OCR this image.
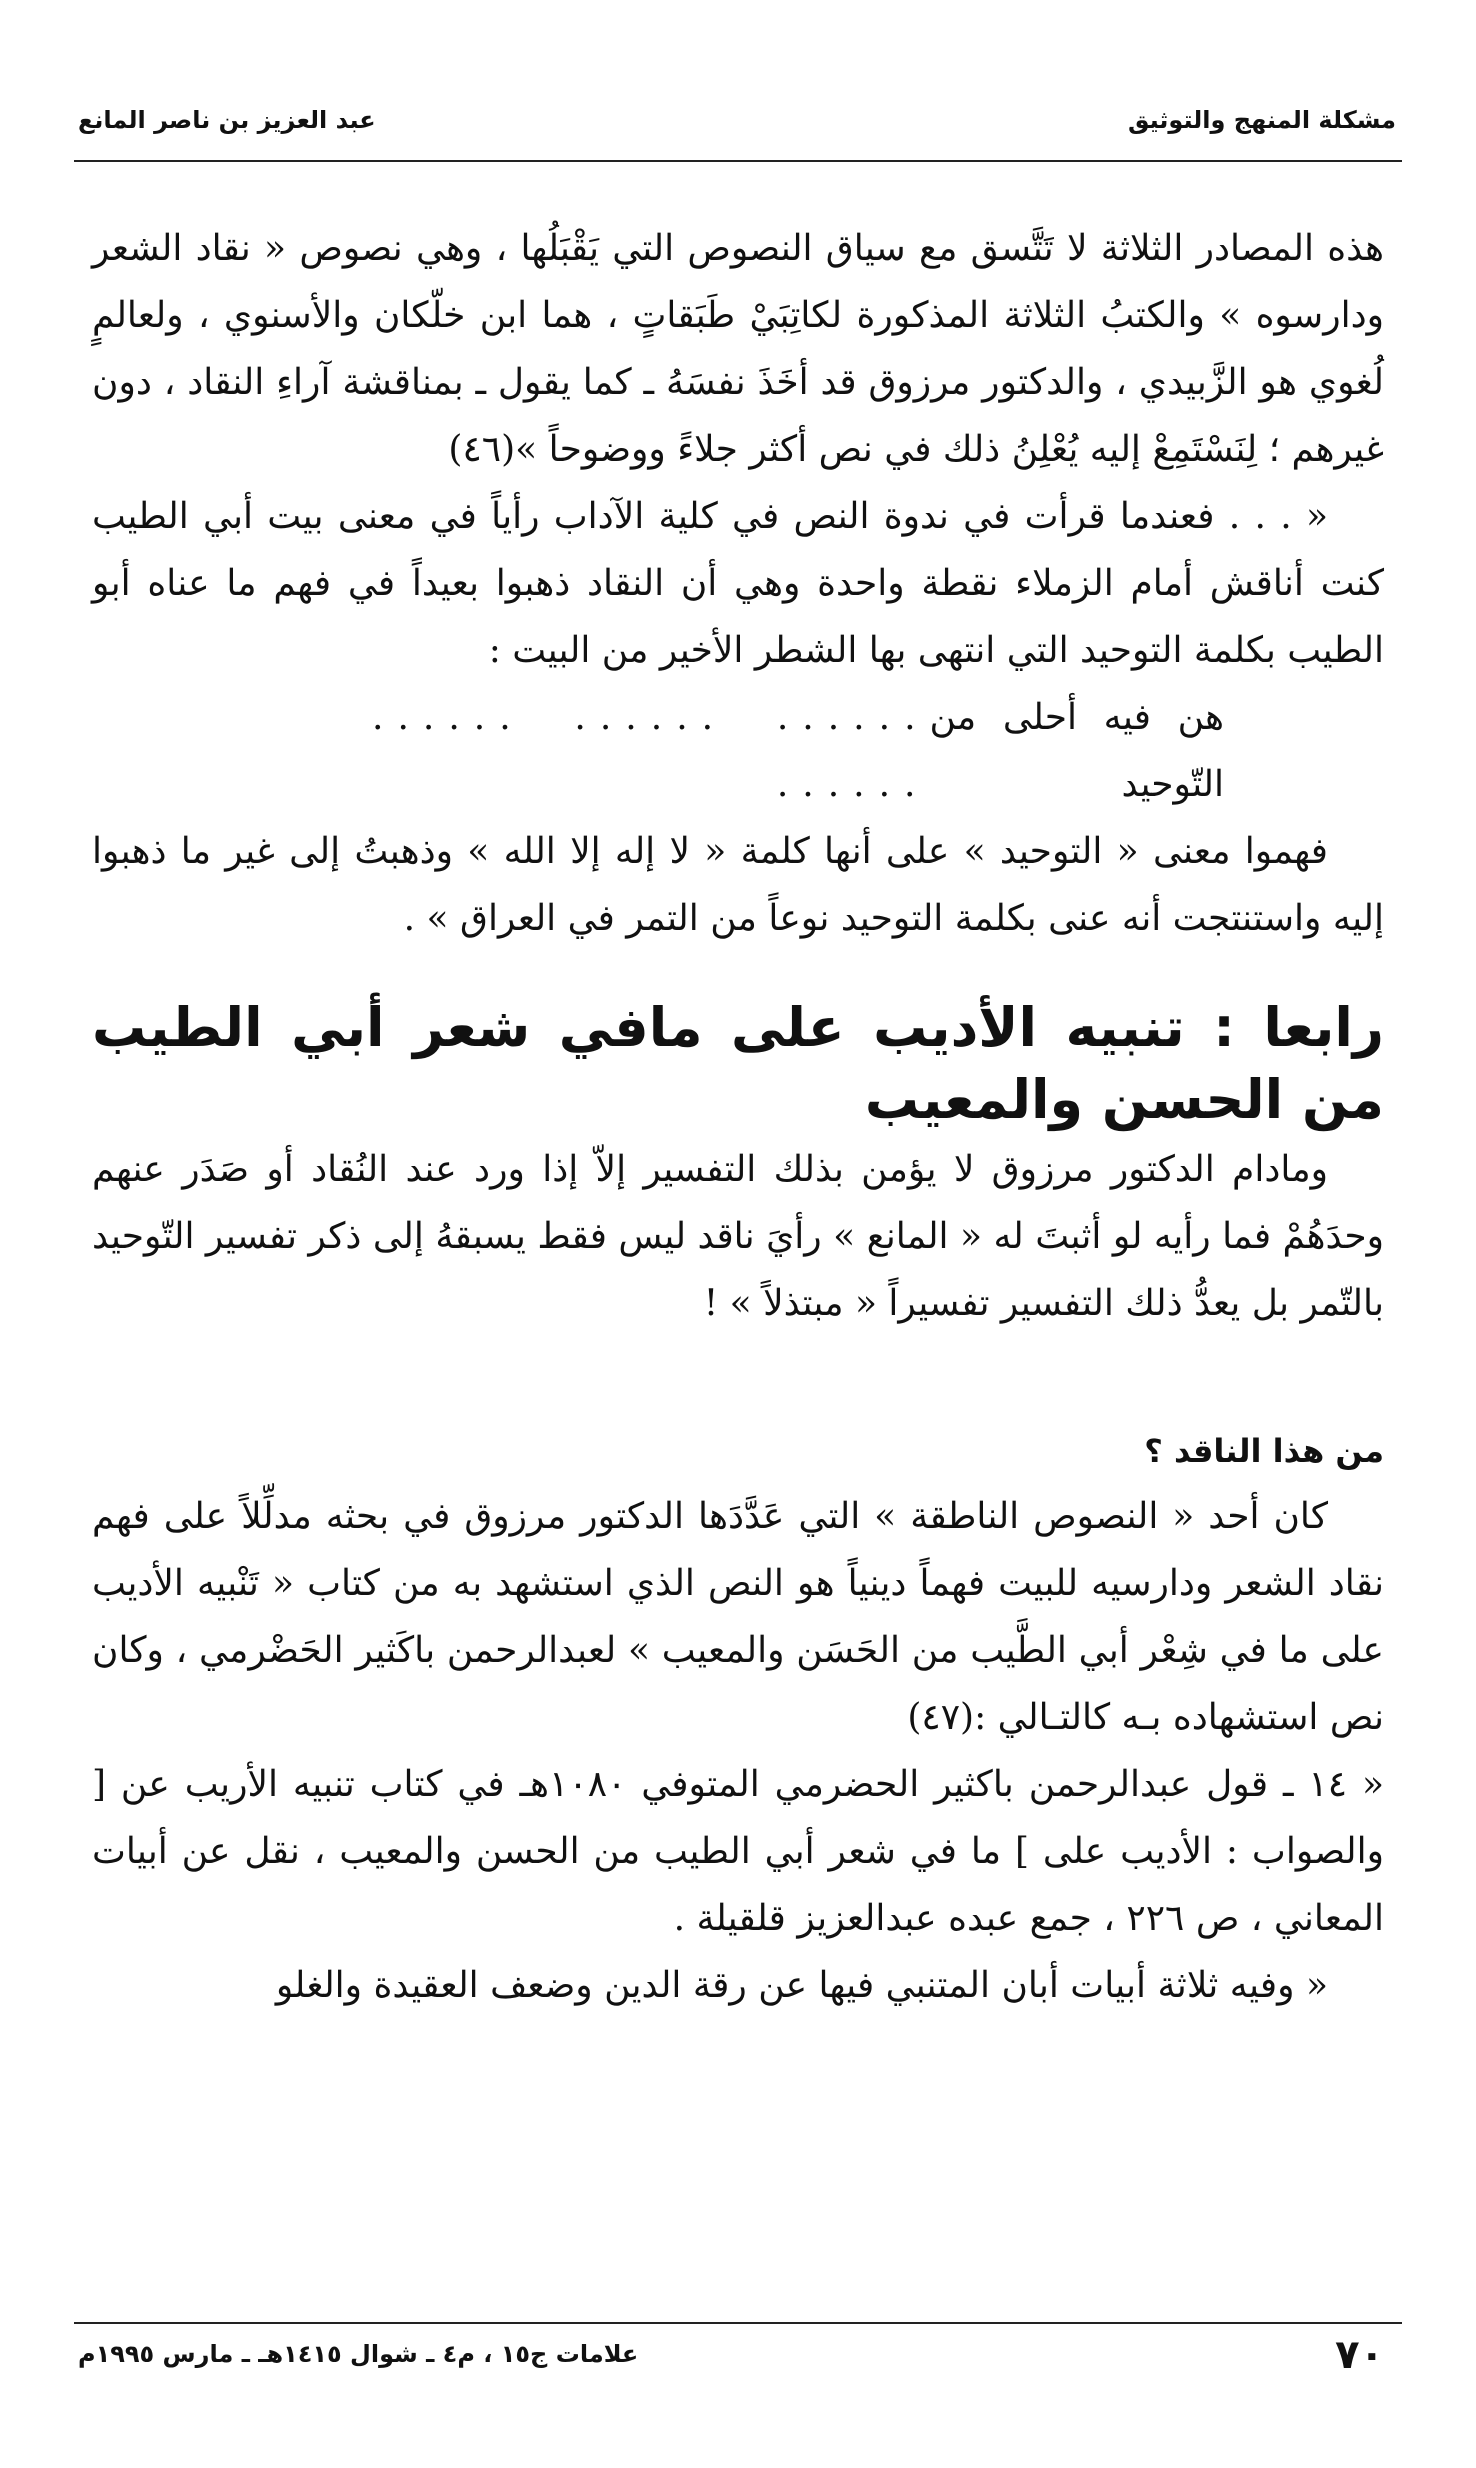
مشكلة المنهج والتوثيق
عبد العزيز بن ناصر المانع

هذه المصادر الثلاثة لا تَتَّسق مع سياق النصوص التي يَقْبَلُها ، وهي نصوص « نقاد الشعر ودارسوه » والكتبُ الثلاثة المذكورة لكاتِبَيْ طَبَقاتٍ ، هما ابن خلّكان والأسنوي ، ولعالمٍ لُغوي هو الزَّبيدي ، والدكتور مرزوق قد أخَذَ نفسَهُ ـ كما يقول ـ بمناقشة آراءِ النقاد ، دون غيرهم ؛ لِنَسْتَمِعْ إليه يُعْلِنُ ذلك في نص أكثر جلاءً ووضوحاً »(٤٦)

« . . . فعندما قرأت في ندوة النص في كلية الآداب رأياً في معنى بيت أبي الطيب كنت أناقش أمام الزملاء نقطة واحدة وهي أن النقاد ذهبوا بعيداً في فهم ما عناه أبو الطيب بكلمة التوحيد التي انتهى بها الشطر الأخير من البيت :

هن فيه أحلى من التّوحيد
...... ...... ...... ......

فهموا معنى « التوحيد » على أنها كلمة « لا إله إلا الله » وذهبتُ إلى غير ما ذهبوا إليه واستنتجت أنه عنى بكلمة التوحيد نوعاً من التمر في العراق » .

رابعا : تنبيه الأديب على مافي شعر أبي الطيب من الحسن والمعيب

ومادام الدكتور مرزوق لا يؤمن بذلك التفسير إلاّ إذا ورد عند النُقاد أو صَدَر عنهم وحدَهُمْ فما رأيه لو أثبتَ له « المانع » رأيَ ناقد ليس فقط يسبقهُ إلى ذكر تفسير التّوحيد بالتّمر بل يعدُّ ذلك التفسير تفسيراً « مبتذلاً » !

من هذا الناقد ؟

كان أحد « النصوص الناطقة » التي عَدَّدَها الدكتور مرزوق في بحثه مدلِّلاً على فهم نقاد الشعر ودارسيه للبيت فهماً دينياً هو النص الذي استشهد به من كتاب « تَنْبيه الأديب على ما في شِعْر أبي الطَّيب من الحَسَن والمعيب » لعبدالرحمن باكَثير الحَضْرمي ، وكان نص استشهاده بـه كالتـالي :(٤٧)

« ١٤ ـ قول عبدالرحمن باكثير الحضرمي المتوفي ١٠٨٠هـ في كتاب تنبيه الأريب عن [ والصواب : الأديب على ] ما في شعر أبي الطيب من الحسن والمعيب ، نقل عن أبيات المعاني ، ص ٢٢٦ ، جمع عبده عبدالعزيز قلقيلة .

« وفيه ثلاثة أبيات أبان المتنبي فيها عن رقة الدين وضعف العقيدة والغلو

٧٠
علامات ج١٥ ، م٤ ـ شوال ١٤١٥هـ ـ مارس ١٩٩٥م
